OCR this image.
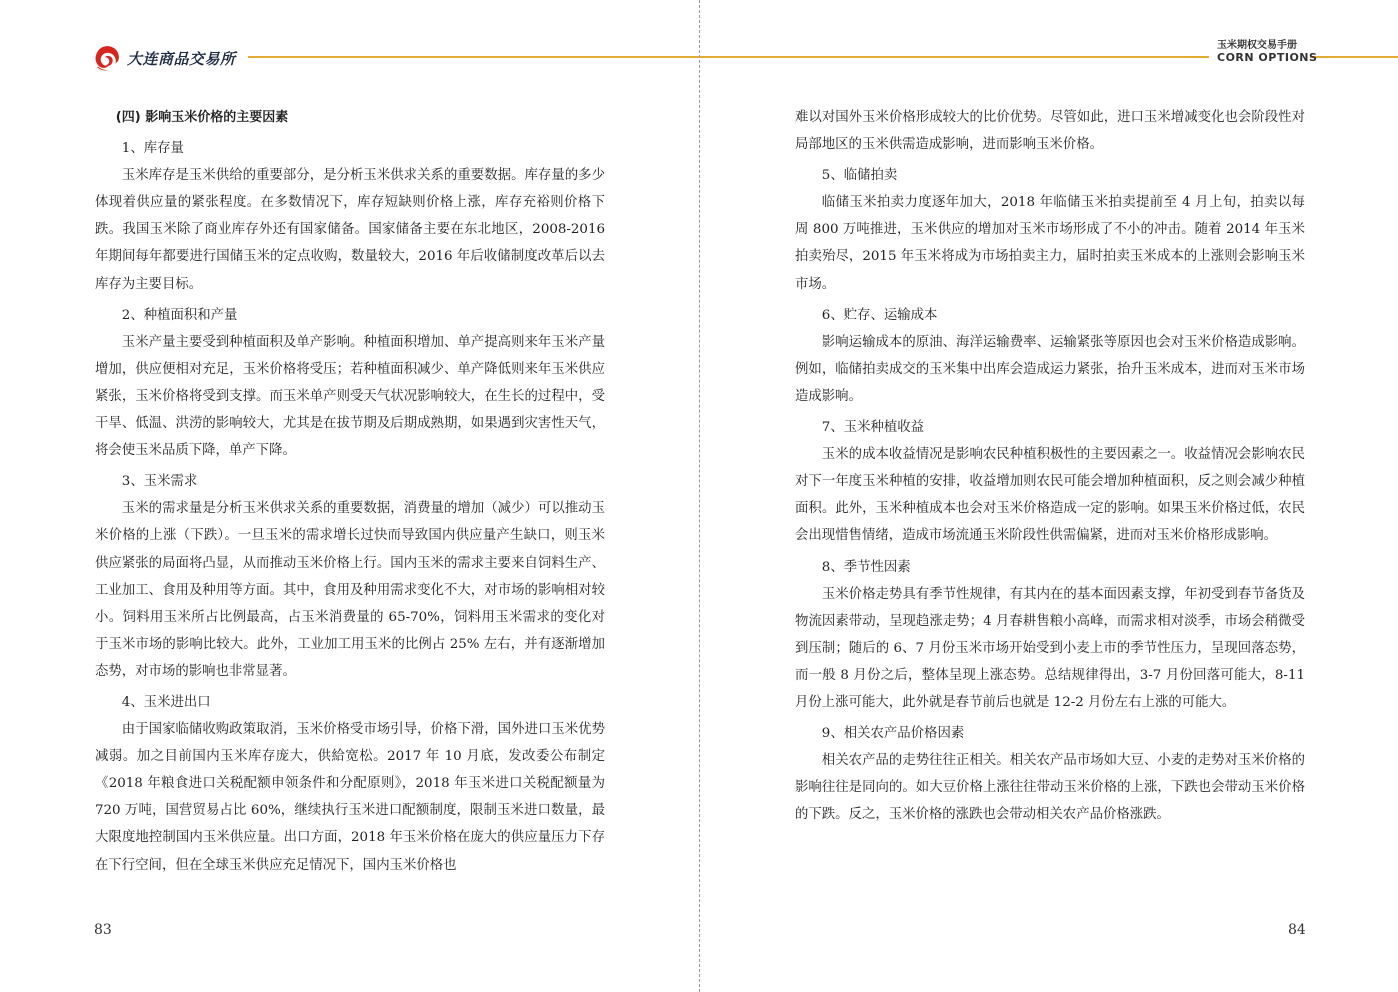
大连商品交易所

(四) 影响玉米价格的主要因素

1、库存量

玉米库存是玉米供给的重要部分，是分析玉米供求关系的重要数据。库存量的多少体现着供应量的紧张程度。在多数情况下，库存短缺则价格上涨，库存充裕则价格下跌。我国玉米除了商业库存外还有国家储备。国家储备主要在东北地区，2008-2016 年期间每年都要进行国储玉米的定点收购，数量较大，2016 年后收储制度改革后以去库存为主要目标。

2、种植面积和产量

玉米产量主要受到种植面积及单产影响。种植面积增加、单产提高则来年玉米产量增加，供应便相对充足，玉米价格将受压；若种植面积减少、单产降低则来年玉米供应紧张，玉米价格将受到支撑。而玉米单产则受天气状况影响较大，在生长的过程中，受干旱、低温、洪涝的影响较大，尤其是在拔节期及后期成熟期，如果遇到灾害性天气，将会使玉米品质下降，单产下降。

3、玉米需求

玉米的需求量是分析玉米供求关系的重要数据，消费量的增加（减少）可以推动玉米价格的上涨（下跌）。一旦玉米的需求增长过快而导致国内供应量产生缺口，则玉米供应紧张的局面将凸显，从而推动玉米价格上行。国内玉米的需求主要来自饲料生产、工业加工、食用及种用等方面。其中，食用及种用需求变化不大，对市场的影响相对较小。饲料用玉米所占比例最高，占玉米消费量的 65-70%，饲料用玉米需求的变化对于玉米市场的影响比较大。此外，工业加工用玉米的比例占 25% 左右，并有逐渐增加态势，对市场的影响也非常显著。

4、玉米进出口

由于国家临储收购政策取消，玉米价格受市场引导，价格下滑，国外进口玉米优势减弱。加之目前国内玉米库存庞大，供給宽松。2017 年 10 月底，发改委公布制定《2018 年粮食进口关税配额申领条件和分配原则》，2018 年玉米进口关税配额量为 720 万吨，国营贸易占比 60%，继续执行玉米进口配额制度，限制玉米进口数量，最大限度地控制国内玉米供应量。出口方面，2018 年玉米价格在庞大的供应量压力下存在下行空间，但在全球玉米供应充足情况下，国内玉米价格也

83
玉米期权交易手册
CORN OPTIONS

难以对国外玉米价格形成较大的比价优势。尽管如此，进口玉米增减变化也会阶段性对局部地区的玉米供需造成影响，进而影响玉米价格。

5、临储拍卖

临储玉米拍卖力度逐年加大，2018 年临储玉米拍卖提前至 4 月上旬，拍卖以每周 800 万吨推进，玉米供应的增加对玉米市场形成了不小的冲击。随着 2014 年玉米拍卖殆尽，2015 年玉米将成为市场拍卖主力，届时拍卖玉米成本的上涨则会影响玉米市场。

6、贮存、运输成本

影响运输成本的原油、海洋运输费率、运输紧张等原因也会对玉米价格造成影响。例如，临储拍卖成交的玉米集中出库会造成运力紧张，抬升玉米成本，进而对玉米市场造成影响。

7、玉米种植收益

玉米的成本收益情况是影响农民种植积极性的主要因素之一。收益情况会影响农民对下一年度玉米种植的安排，收益增加则农民可能会增加种植面积，反之则会减少种植面积。此外，玉米种植成本也会对玉米价格造成一定的影响。如果玉米价格过低，农民会出现惜售情绪，造成市场流通玉米阶段性供需偏紧，进而对玉米价格形成影响。

8、季节性因素

玉米价格走势具有季节性规律，有其内在的基本面因素支撑，年初受到春节备货及物流因素带动，呈现趋涨走势；4 月春耕售粮小高峰，而需求相对淡季，市场会稍微受到压制；随后的 6、7 月份玉米市场开始受到小麦上市的季节性压力，呈现回落态势，而一般 8 月份之后，整体呈现上涨态势。总结规律得出，3-7 月份回落可能大，8-11 月份上涨可能大，此外就是春节前后也就是 12-2 月份左右上涨的可能大。

9、相关农产品价格因素

相关农产品的走势往往正相关。相关农产品市场如大豆、小麦的走势对玉米价格的影响往往是同向的。如大豆价格上涨往往带动玉米价格的上涨，下跌也会带动玉米价格的下跌。反之，玉米价格的涨跌也会带动相关农产品价格涨跌。

84
